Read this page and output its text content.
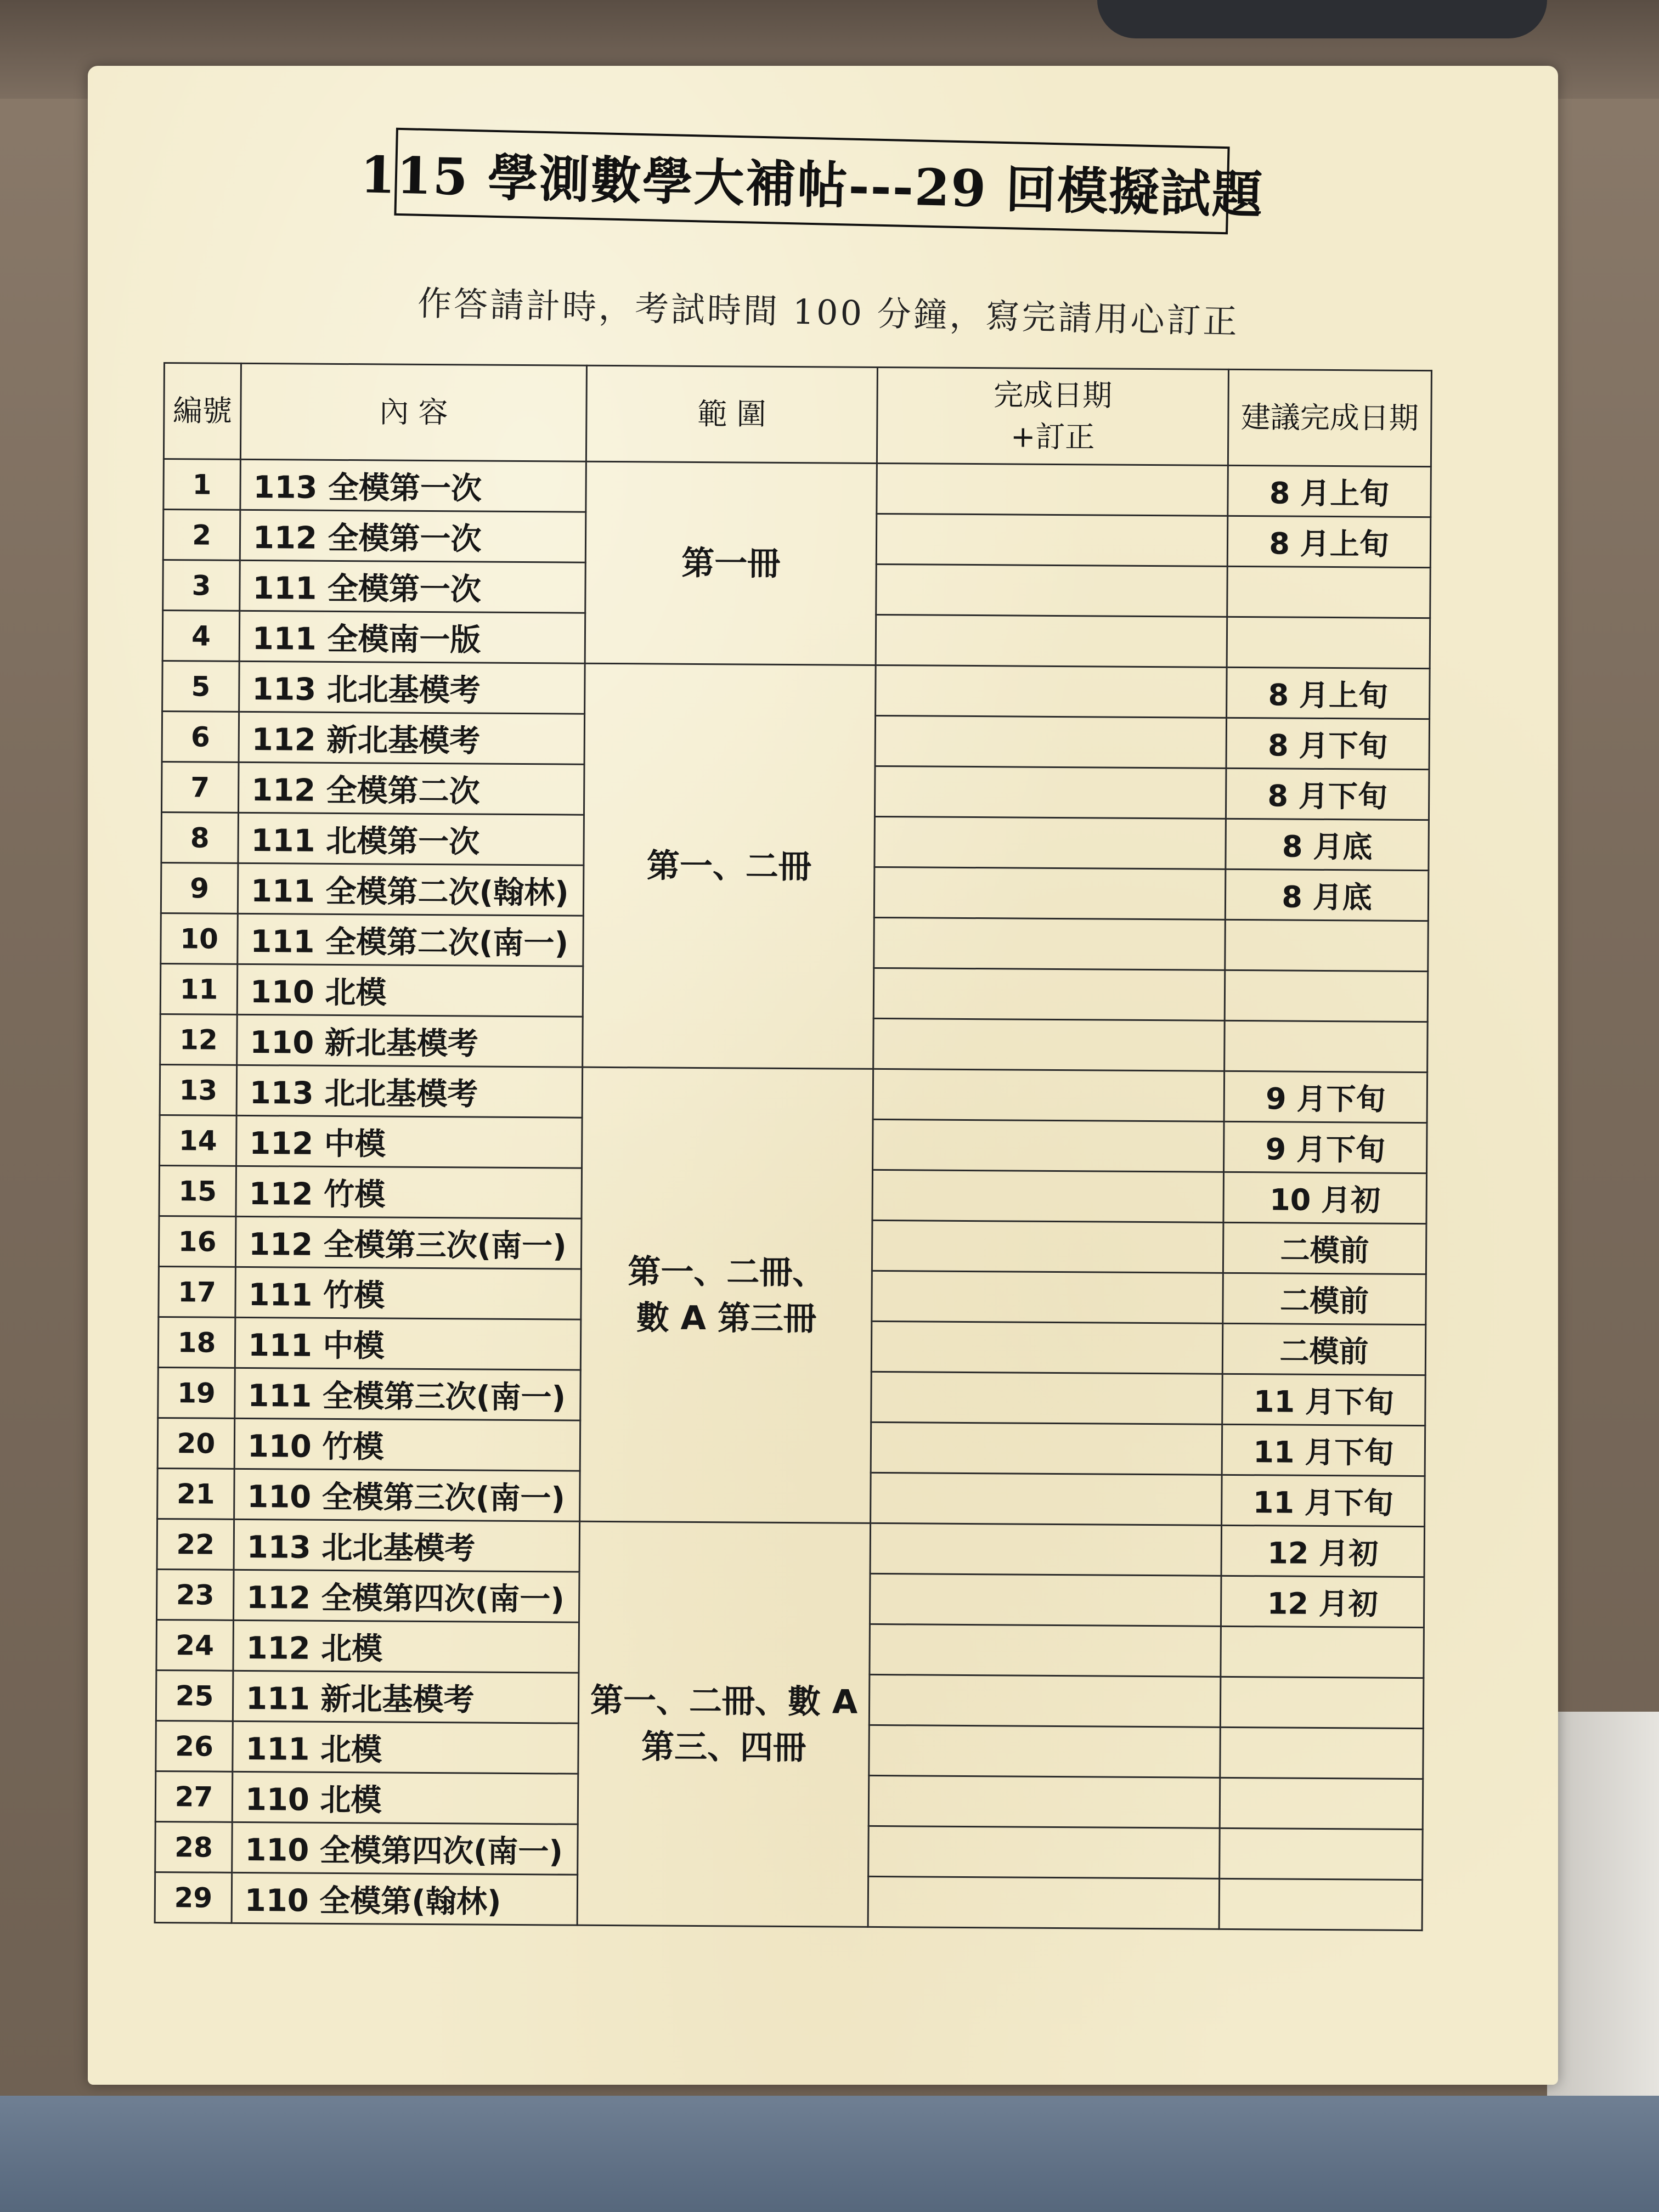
115 學測數學大補帖---29 回模擬試題
作答請計時，考試時間 100 分鐘，寫完請用心訂正
編號	內 容	範 圍	完成日期
+訂正	建議完成日期
1	113 全模第一次	第一冊		8 月上旬
2	112 全模第一次			8 月上旬
3	111 全模第一次			
4	111 全模南一版			
5	113 北北基模考	第一、二冊		8 月上旬
6	112 新北基模考			8 月下旬
7	112 全模第二次			8 月下旬
8	111 北模第一次			8 月底
9	111 全模第二次(翰林)			8 月底
10	111 全模第二次(南一)			
11	110 北模			
12	110 新北基模考			
13	113 北北基模考	第一、二冊、
數 A 第三冊		9 月下旬
14	112 中模			9 月下旬
15	112 竹模			10 月初
16	112 全模第三次(南一)			二模前
17	111 竹模			二模前
18	111 中模			二模前
19	111 全模第三次(南一)			11 月下旬
20	110 竹模			11 月下旬
21	110 全模第三次(南一)			11 月下旬
22	113 北北基模考	第一、二冊、數 A
第三、四冊		12 月初
23	112 全模第四次(南一)			12 月初
24	112 北模			
25	111 新北基模考			
26	111 北模			
27	110 北模			
28	110 全模第四次(南一)			
29	110 全模第(翰林)			
